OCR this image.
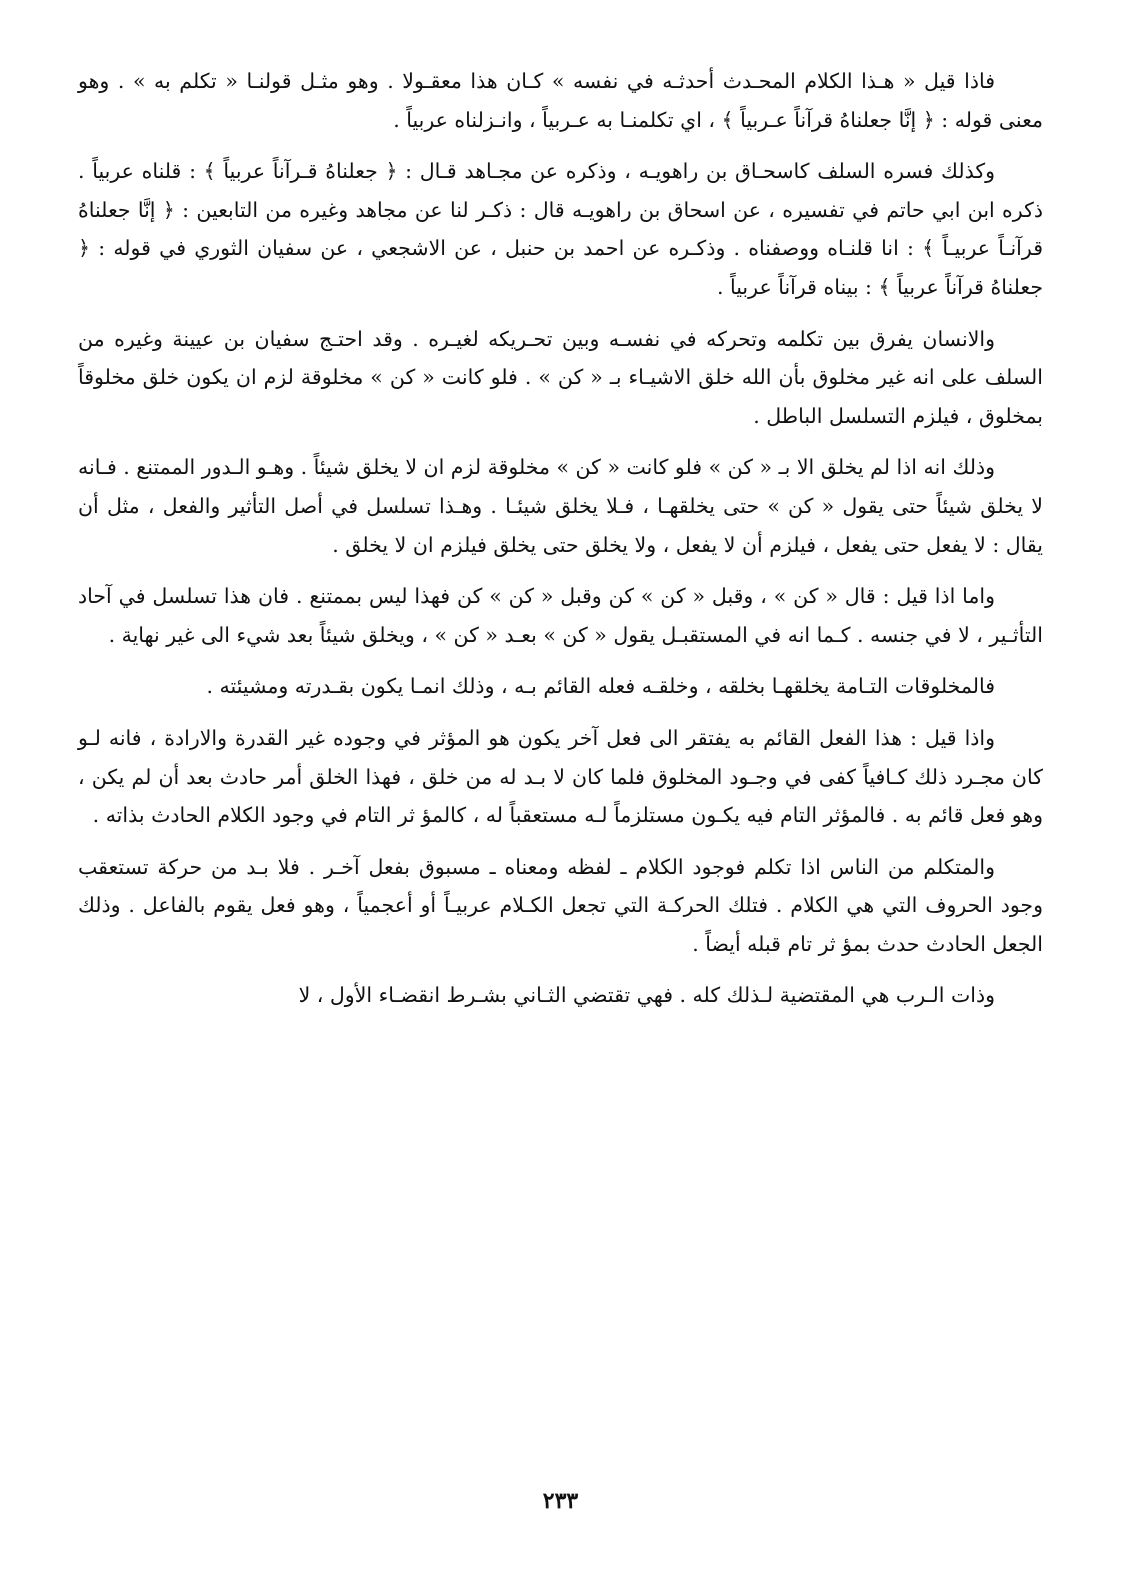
فاذا قيل « هـذا الكلام المحـدث أحدثـه في نفسه » كـان هذا معقـولا . وهو مثـل قولنـا « تكلم به » . وهو معنى قوله : ﴿ إنَّا جعلناهُ قرآناً عـربياً ﴾ ، اي تكلمنـا به عـربياً ، وانـزلناه عربياً .

وكذلك فسره السلف كاسحـاق بن راهويـه ، وذكره عن مجـاهد قـال : ﴿ جعلناهُ قـرآناً عربياً ﴾ : قلناه عربياً . ذكره ابن ابي حاتم في تفسيره ، عن اسحاق بن راهويـه قال : ذكـر لنا عن مجاهد وغيره من التابعين : ﴿ إنَّا جعلناهُ قرآنـاً عربيـاً ﴾ : انا قلنـاه ووصفناه . وذكـره عن احمد بن حنبل ، عن الاشجعي ، عن سفيان الثوري في قوله : ﴿ جعلناهُ قرآناً عربياً ﴾ : بيناه قرآناً عربياً .

والانسان يفرق بين تكلمه وتحركه في نفسـه وبين تحـريكه لغيـره . وقد احتـج سفيان بن عيينة وغيره من السلف على انه غير مخلوق بأن الله خلق الاشيـاء بـ « كن » . فلو كانت « كن » مخلوقة لزم ان يكون خلق مخلوقاً بمخلوق ، فيلزم التسلسل الباطل .

وذلك انه اذا لم يخلق الا بـ « كن » فلو كانت « كن » مخلوقة لزم ان لا يخلق شيئاً . وهـو الـدور الممتنع . فـانه لا يخلق شيئاً حتى يقول « كن » حتى يخلقهـا ، فـلا يخلق شيئـا . وهـذا تسلسل في أصل التأثير والفعل ، مثل أن يقال : لا يفعل حتى يفعل ، فيلزم أن لا يفعل ، ولا يخلق حتى يخلق فيلزم ان لا يخلق .

واما اذا قيل : قال « كن » ، وقبل « كن » كن وقبل « كن » كن فهذا ليس بممتنع . فان هذا تسلسل في آحاد التأثـير ، لا في جنسه . كـما انه في المستقبـل يقول « كن » بعـد « كن » ، ويخلق شيئاً بعد شيء الى غير نهاية .

فالمخلوقات التـامة يخلقهـا بخلقه ، وخلقـه فعله القائم بـه ، وذلك انمـا يكون بقـدرته ومشيئته .

واذا قيل : هذا الفعل القائم به يفتقر الى فعل آخر يكون هو المؤثر في وجوده غير القدرة والارادة ، فانه لـو كان مجـرد ذلك كـافياً كفى في وجـود المخلوق فلما كان لا بـد له من خلق ، فهذا الخلق أمر حادث بعد أن لم يكن ، وهو فعل قائم به . فالمؤثر التام فيه يكـون مستلزماً لـه مستعقباً له ، كالمؤ ثر التام في وجود الكلام الحادث بذاته .

والمتكلم من الناس اذا تكلم فوجود الكلام ـ لفظه ومعناه ـ مسبوق بفعل آخـر . فلا بـد من حركة تستعقب وجود الحروف التي هي الكلام . فتلك الحركـة التي تجعل الكـلام عربيـاً أو أعجمياً ، وهو فعل يقوم بالفاعل . وذلك الجعل الحادث حدث بمؤ ثر تام قبله أيضاً .

وذات الـرب هي المقتضية لـذلك كله . فهي تقتضي الثـاني بشـرط انقضـاء الأول ، لا

٢٣٣
